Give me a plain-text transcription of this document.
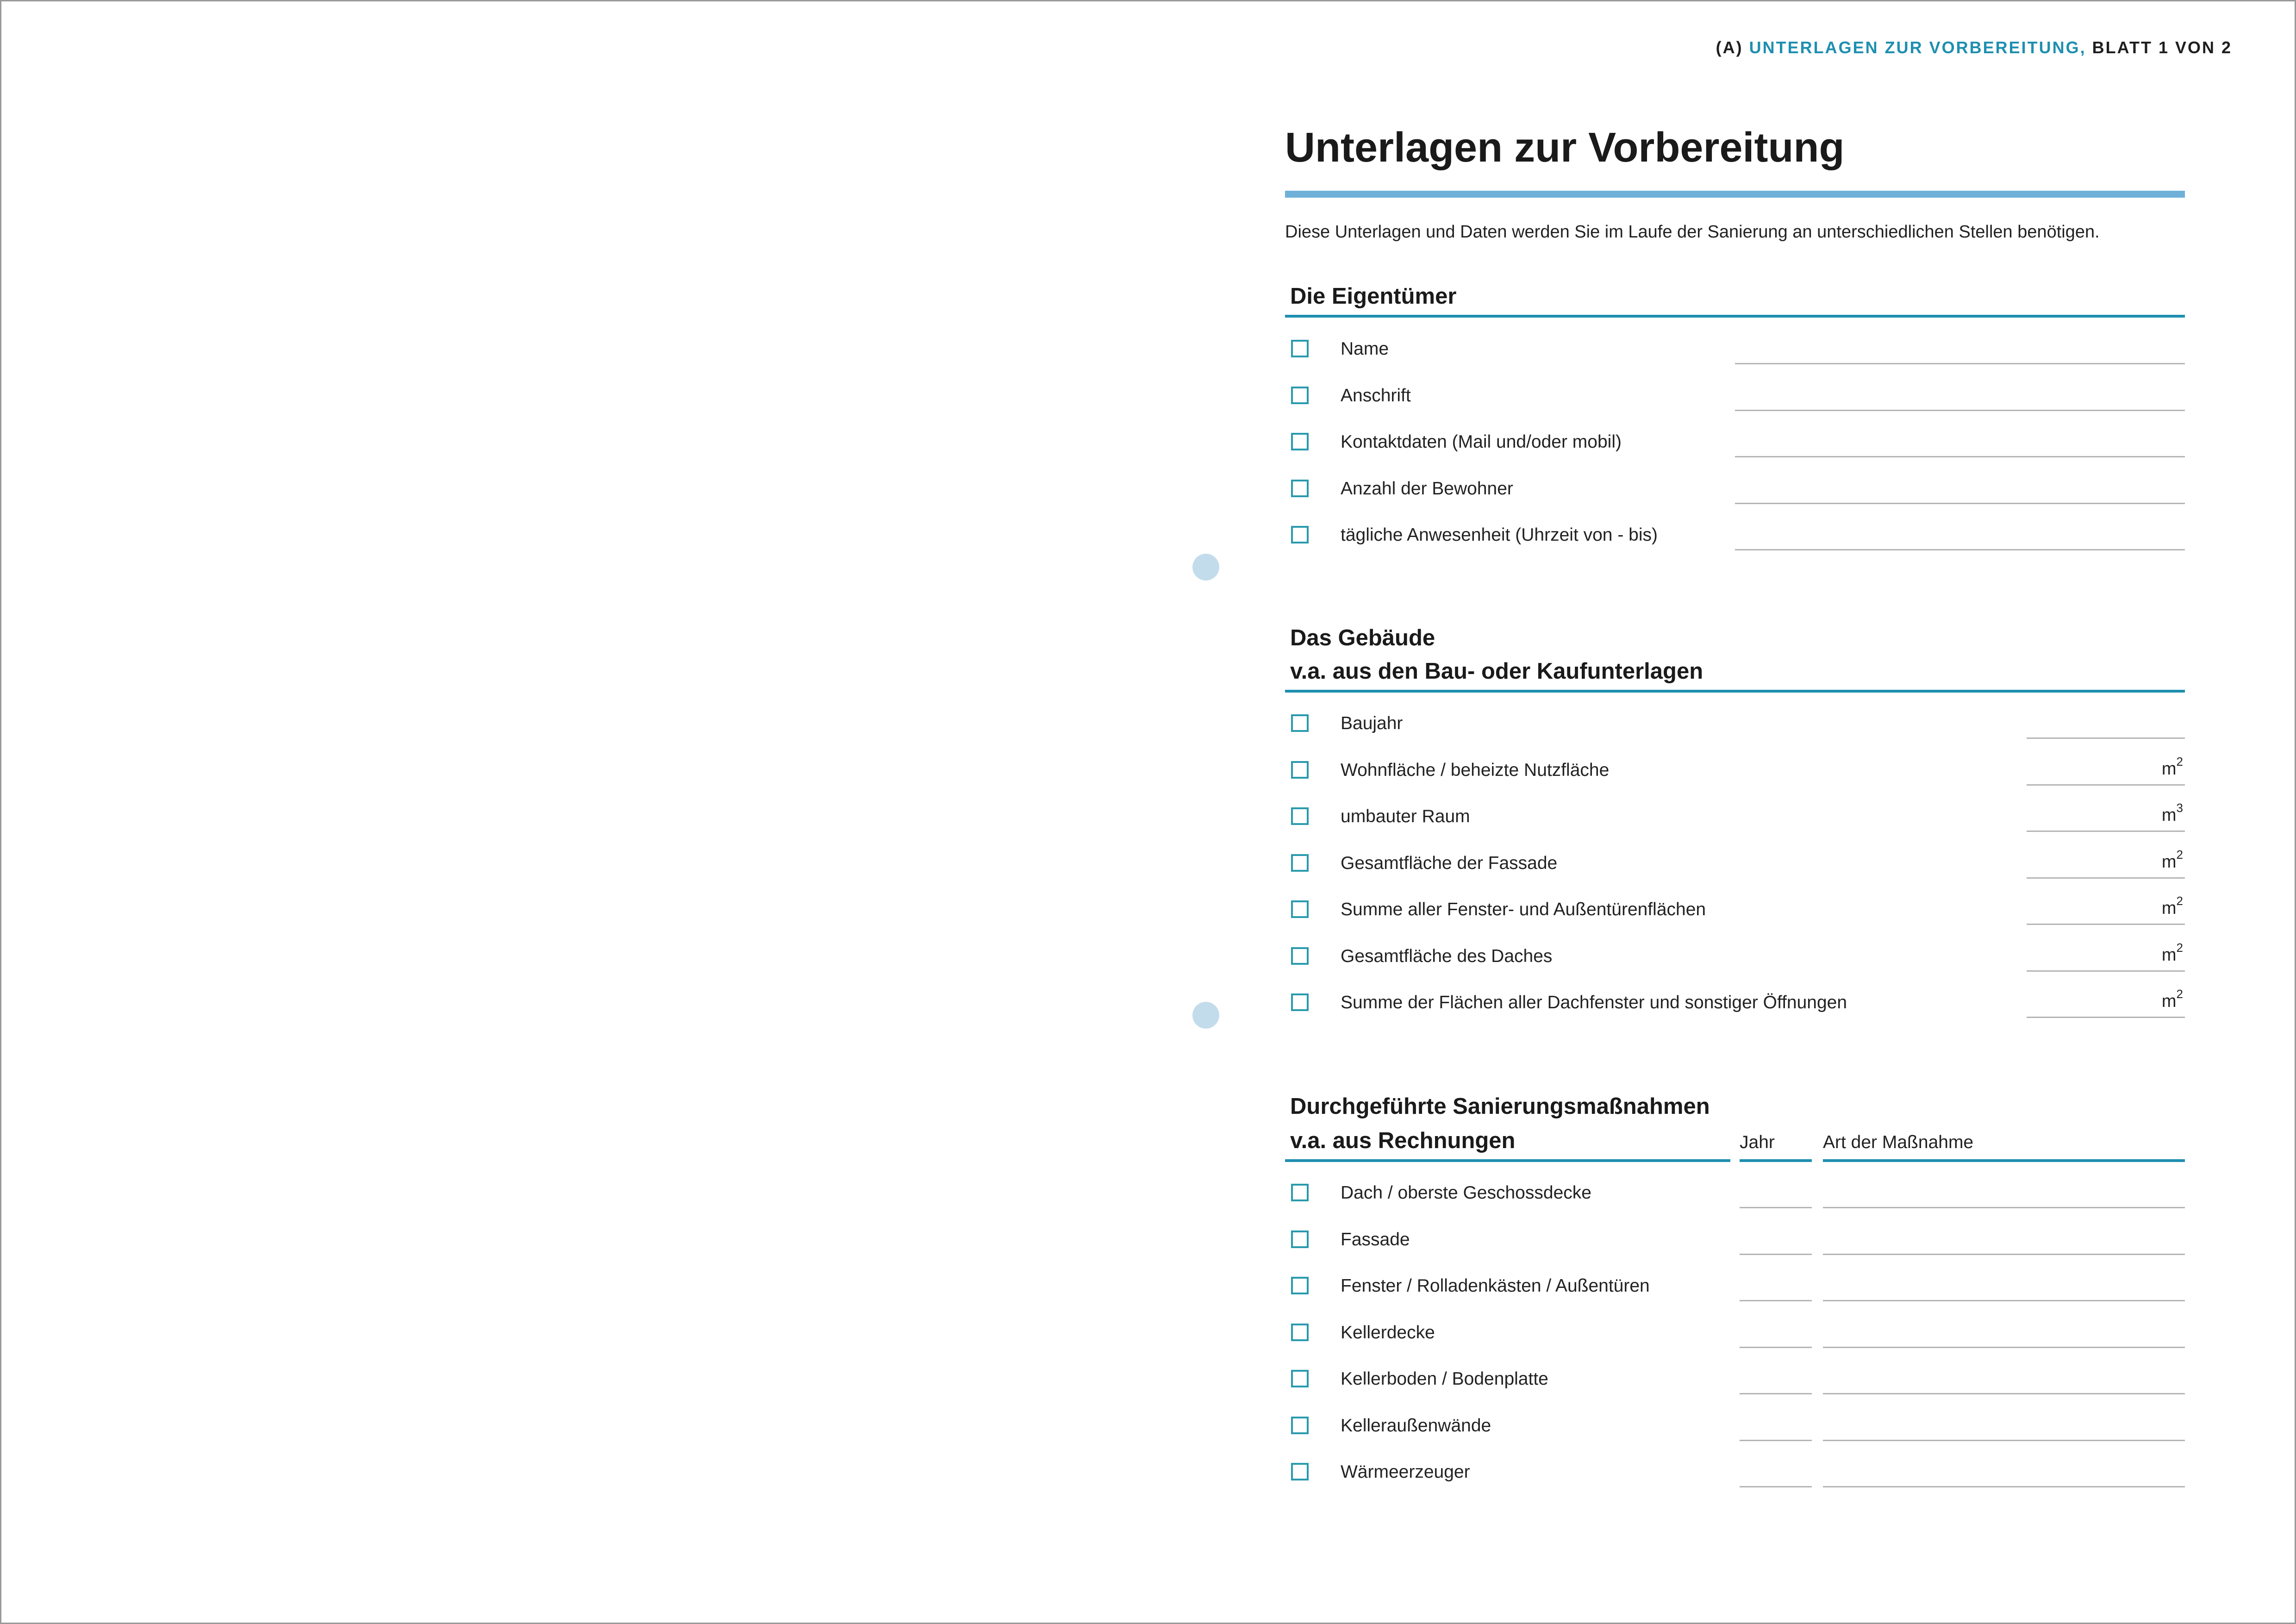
(A) UNTERLAGEN ZUR VORBEREITUNG, BLATT 1 VON 2
Unterlagen zur Vorbereitung
Diese Unterlagen und Daten werden Sie im Laufe der Sanierung an unterschiedlichen Stellen benötigen.
Die Eigentümer
Name
Anschrift
Kontaktdaten (Mail und/oder mobil)
Anzahl der Bewohner
tägliche Anwesenheit (Uhrzeit von - bis)
Das Gebäude
v.a. aus den Bau- oder Kaufunterlagen
Baujahr
Wohnfläche / beheizte Nutzfläche	$m^2$
umbauter Raum	$m^3$
Gesamtfläche der Fassade	$m^2$
Summe aller Fenster- und Außentürenflächen	$m^2$
Gesamtfläche des Daches	$m^2$
Summe der Flächen aller Dachfenster und sonstiger Öffnungen	$m^2$
Durchgeführte Sanierungsmaßnahmen
v.a. aus Rechnungen	Jahr	Art der Maßnahme
Dach / oberste Geschossdecke
Fassade
Fenster / Rolladenkästen / Außentüren
Kellerdecke
Kellerboden / Bodenplatte
Kelleraußenwände
Wärmeerzeuger
